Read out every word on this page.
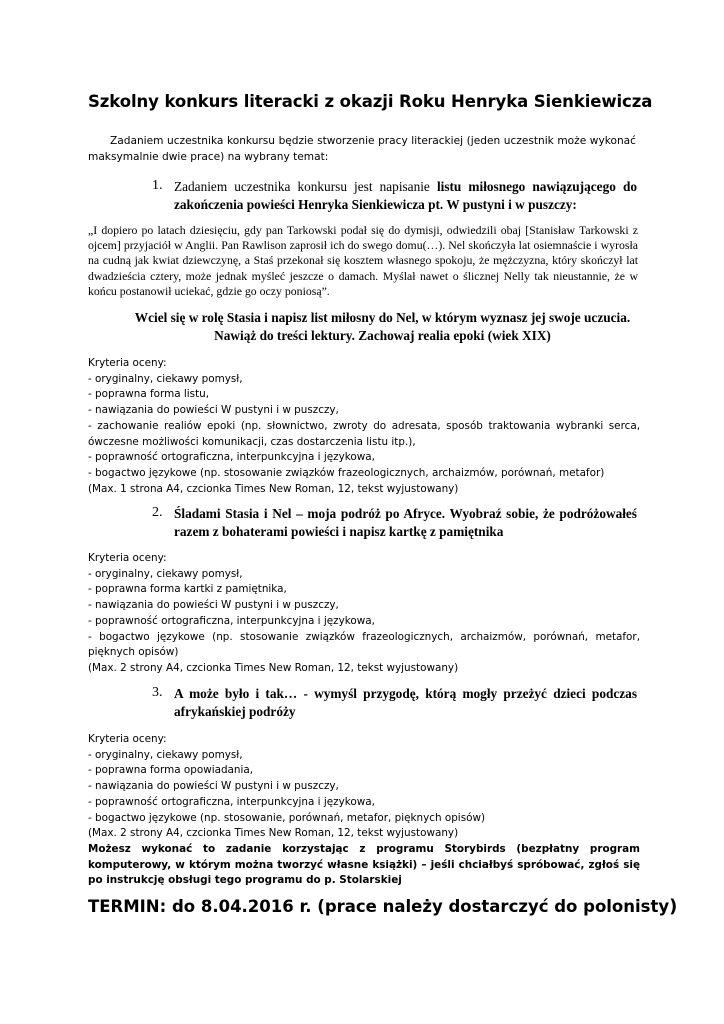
Szkolny konkurs literacki z okazji Roku Henryka Sienkiewicza
Zadaniem uczestnika konkursu będzie stworzenie pracy literackiej (jeden uczestnik może wykonać maksymalnie dwie prace) na wybrany temat:
1. Zadaniem uczestnika konkursu jest napisanie listu miłosnego nawiązującego do zakończenia powieści Henryka Sienkiewicza pt. W pustyni i w puszczy:
„I dopiero po latach dziesięciu, gdy pan Tarkowski podał się do dymisji, odwiedzili obaj [Stanisław Tarkowski z ojcem] przyjaciół w Anglii. Pan Rawlison zaprosił ich do swego domu(…). Nel skończyła lat osiemnaście i wyrosła na cudną jak kwiat dziewczynę, a Staś przekonał się kosztem własnego spokoju, że mężczyzna, który skończył lat dwadzieścia cztery, może jednak myśleć jeszcze o damach. Myślał nawet o ślicznej Nelly tak nieustannie, że w końcu postanowił uciekać, gdzie go oczy poniosą”.
Wciel się w rolę Stasia i napisz list miłosny do Nel, w którym wyznasz jej swoje uczucia. Nawiąż do treści lektury. Zachowaj realia epoki (wiek XIX)
Kryteria oceny:
- oryginalny, ciekawy pomysł,
- poprawna forma listu,
- nawiązania do powieści W pustyni i w puszczy,
- zachowanie realiów epoki (np. słownictwo, zwroty do adresata, sposób traktowania wybranki serca, ówczesne możliwości komunikacji, czas dostarczenia listu itp.),
- poprawność ortograficzna, interpunkcyjna i językowa,
- bogactwo językowe (np. stosowanie związków frazeologicznych, archaizmów, porównań, metafor)
(Max. 1 strona A4, czcionka Times New Roman, 12, tekst wyjustowany)
2. Śladami Stasia i Nel – moja podróż po Afryce. Wyobraź sobie, że podróżowałeś razem z bohaterami powieści i napisz kartkę z pamiętnika
Kryteria oceny:
- oryginalny, ciekawy pomysł,
- poprawna forma kartki z pamiętnika,
- nawiązania do powieści W pustyni i w puszczy,
- poprawność ortograficzna, interpunkcyjna i językowa,
- bogactwo językowe (np. stosowanie związków frazeologicznych, archaizmów, porównań, metafor, pięknych opisów)
(Max. 2 strony A4, czcionka Times New Roman, 12, tekst wyjustowany)
3. A może było i tak… - wymyśl przygodę, którą mogły przeżyć dzieci podczas afrykańskiej podróży
Kryteria oceny:
- oryginalny, ciekawy pomysł,
- poprawna forma opowiadania,
- nawiązania do powieści W pustyni i w puszczy,
- poprawność ortograficzna, interpunkcyjna i językowa,
- bogactwo językowe (np. stosowanie, porównań, metafor, pięknych opisów)
(Max. 2 strony A4, czcionka Times New Roman, 12, tekst wyjustowany)
Możesz wykonać to zadanie korzystając z programu Storybirds (bezpłatny program komputerowy, w którym można tworzyć własne książki) – jeśli chciałbyś spróbować, zgłoś się po instrukcję obsługi tego programu do p. Stolarskiej
TERMIN: do 8.04.2016 r. (prace należy dostarczyć do polonisty)
